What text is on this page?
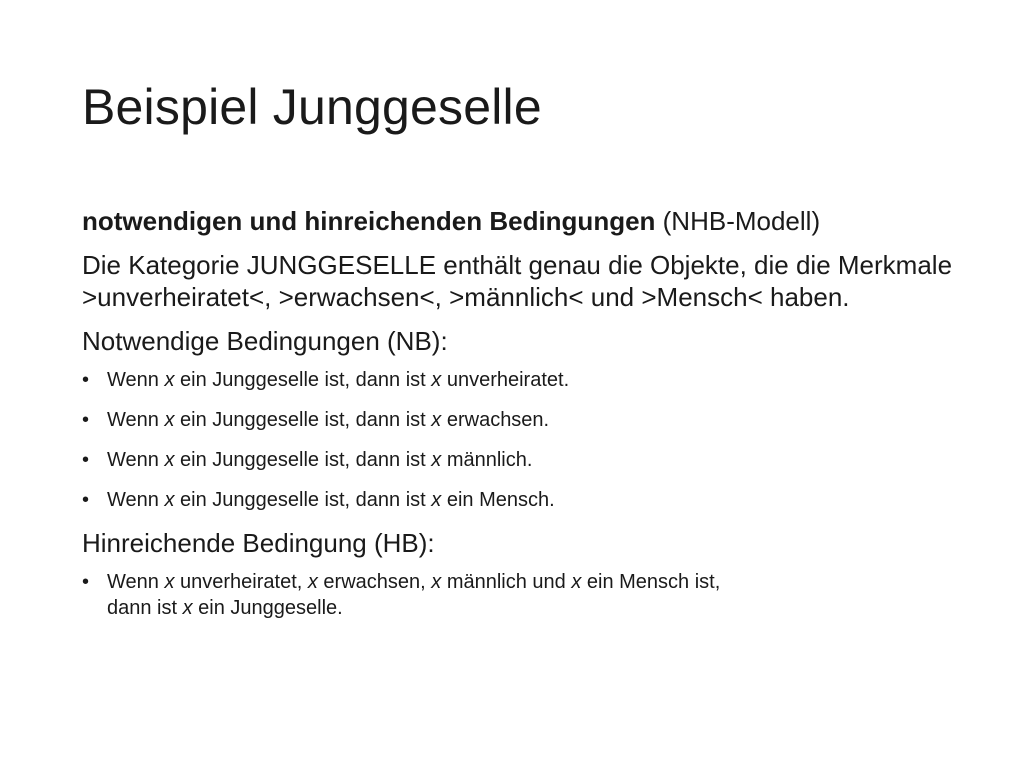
Beispiel Junggeselle
notwendigen und hinreichenden Bedingungen (NHB-Modell)
Die Kategorie JUNGGESELLE enthält genau die Objekte, die die Merkmale >unverheiratet<, >erwachsen<, >männlich< und >Mensch< haben.
Notwendige Bedingungen (NB):
• Wenn x ein Junggeselle ist, dann ist x unverheiratet.
• Wenn x ein Junggeselle ist, dann ist x erwachsen.
• Wenn x ein Junggeselle ist, dann ist x männlich.
• Wenn x ein Junggeselle ist, dann ist x ein Mensch.
Hinreichende Bedingung (HB):
• Wenn x unverheiratet, x erwachsen, x männlich und x ein Mensch ist,
dann ist x ein Junggeselle.
